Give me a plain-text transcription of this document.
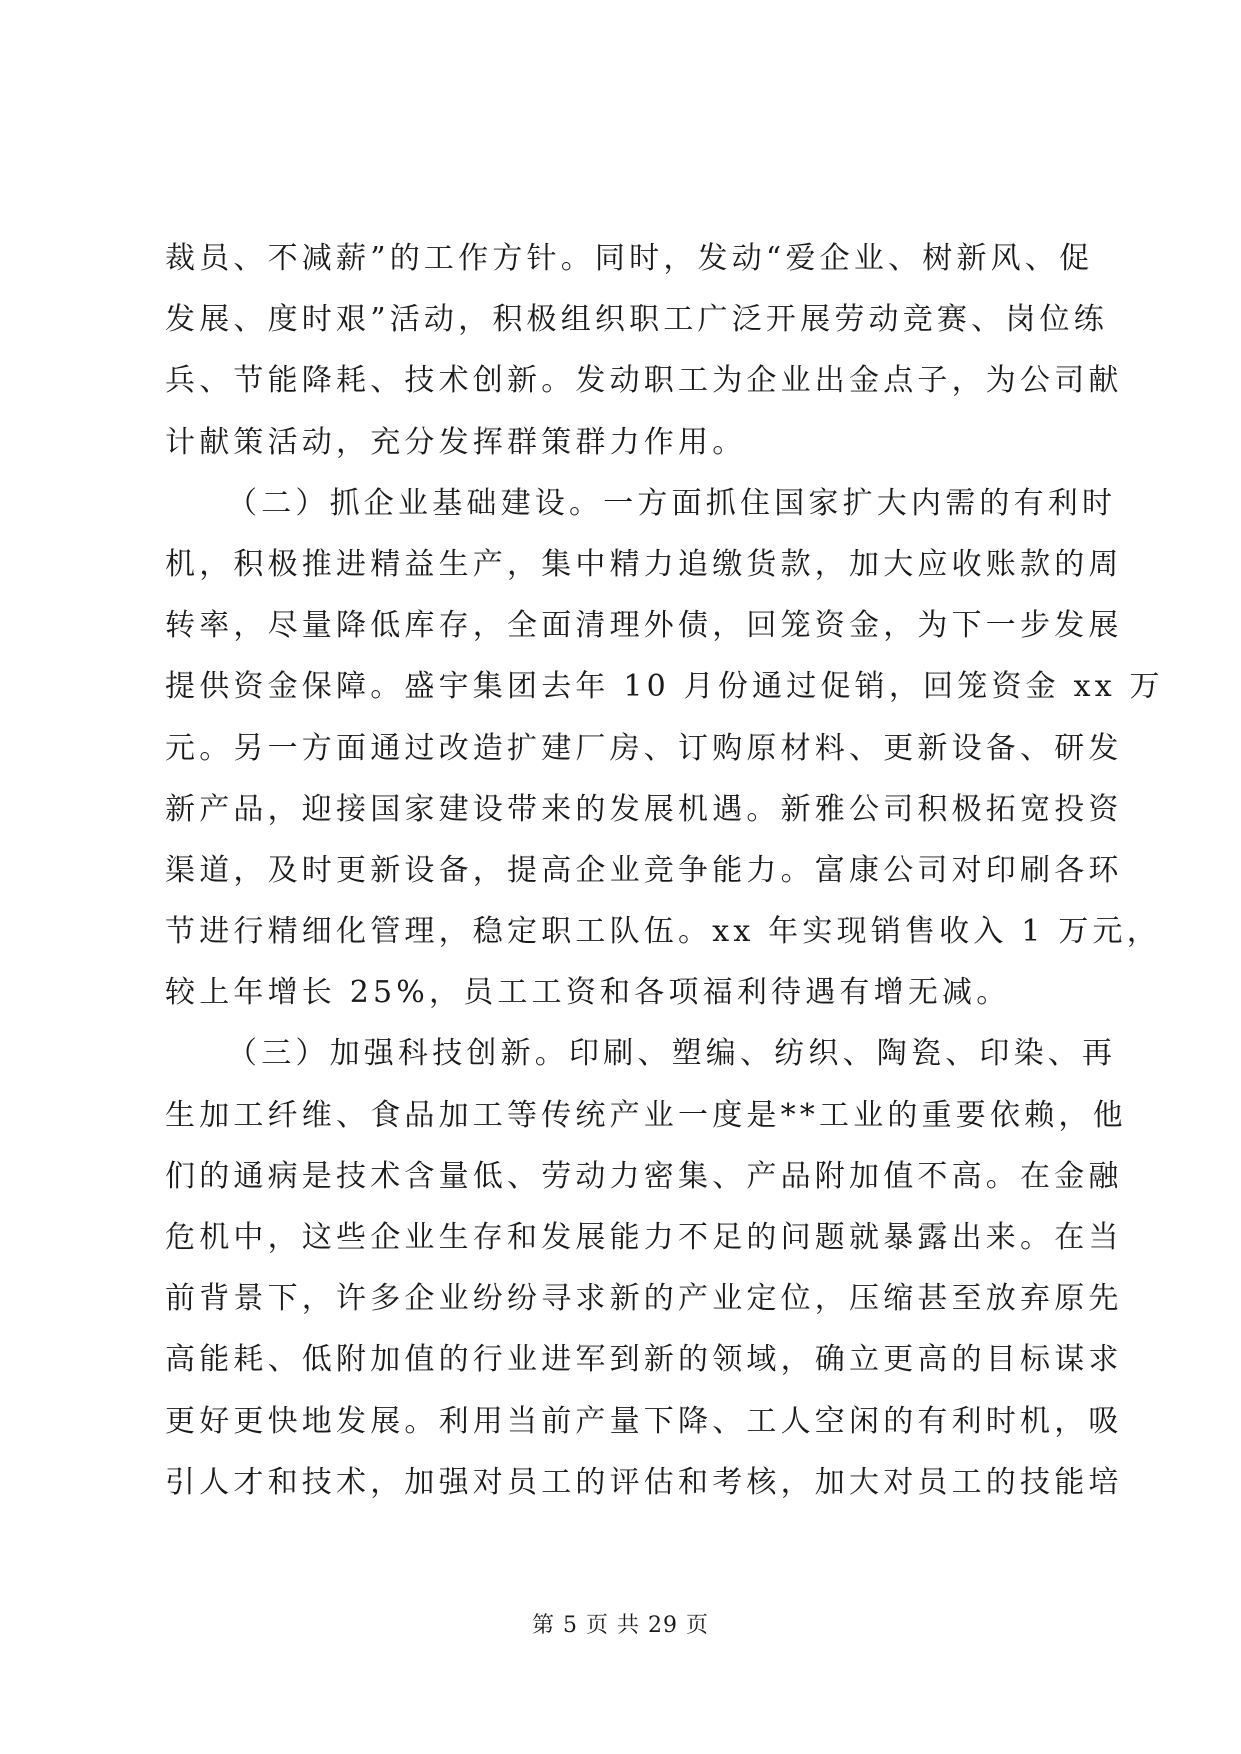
裁员、不减薪”的工作方针。同时，发动“爱企业、树新风、促
发展、度时艰”活动，积极组织职工广泛开展劳动竞赛、岗位练
兵、节能降耗、技术创新。发动职工为企业出金点子，为公司献
计献策活动，充分发挥群策群力作用。
（二）抓企业基础建设。一方面抓住国家扩大内需的有利时
机，积极推进精益生产，集中精力追缴货款，加大应收账款的周
转率，尽量降低库存，全面清理外债，回笼资金，为下一步发展
提供资金保障。盛宇集团去年 10 月份通过促销，回笼资金 xx 万
元。另一方面通过改造扩建厂房、订购原材料、更新设备、研发
新产品，迎接国家建设带来的发展机遇。新雅公司积极拓宽投资
渠道，及时更新设备，提高企业竞争能力。富康公司对印刷各环
节进行精细化管理，稳定职工队伍。xx 年实现销售收入 1 万元，
较上年增长 25%，员工工资和各项福利待遇有增无减。
（三）加强科技创新。印刷、塑编、纺织、陶瓷、印染、再
生加工纤维、食品加工等传统产业一度是**工业的重要依赖，他
们的通病是技术含量低、劳动力密集、产品附加值不高。在金融
危机中，这些企业生存和发展能力不足的问题就暴露出来。在当
前背景下，许多企业纷纷寻求新的产业定位，压缩甚至放弃原先
高能耗、低附加值的行业进军到新的领域，确立更高的目标谋求
更好更快地发展。利用当前产量下降、工人空闲的有利时机，吸
引人才和技术，加强对员工的评估和考核，加大对员工的技能培
第 5 页 共 29 页
